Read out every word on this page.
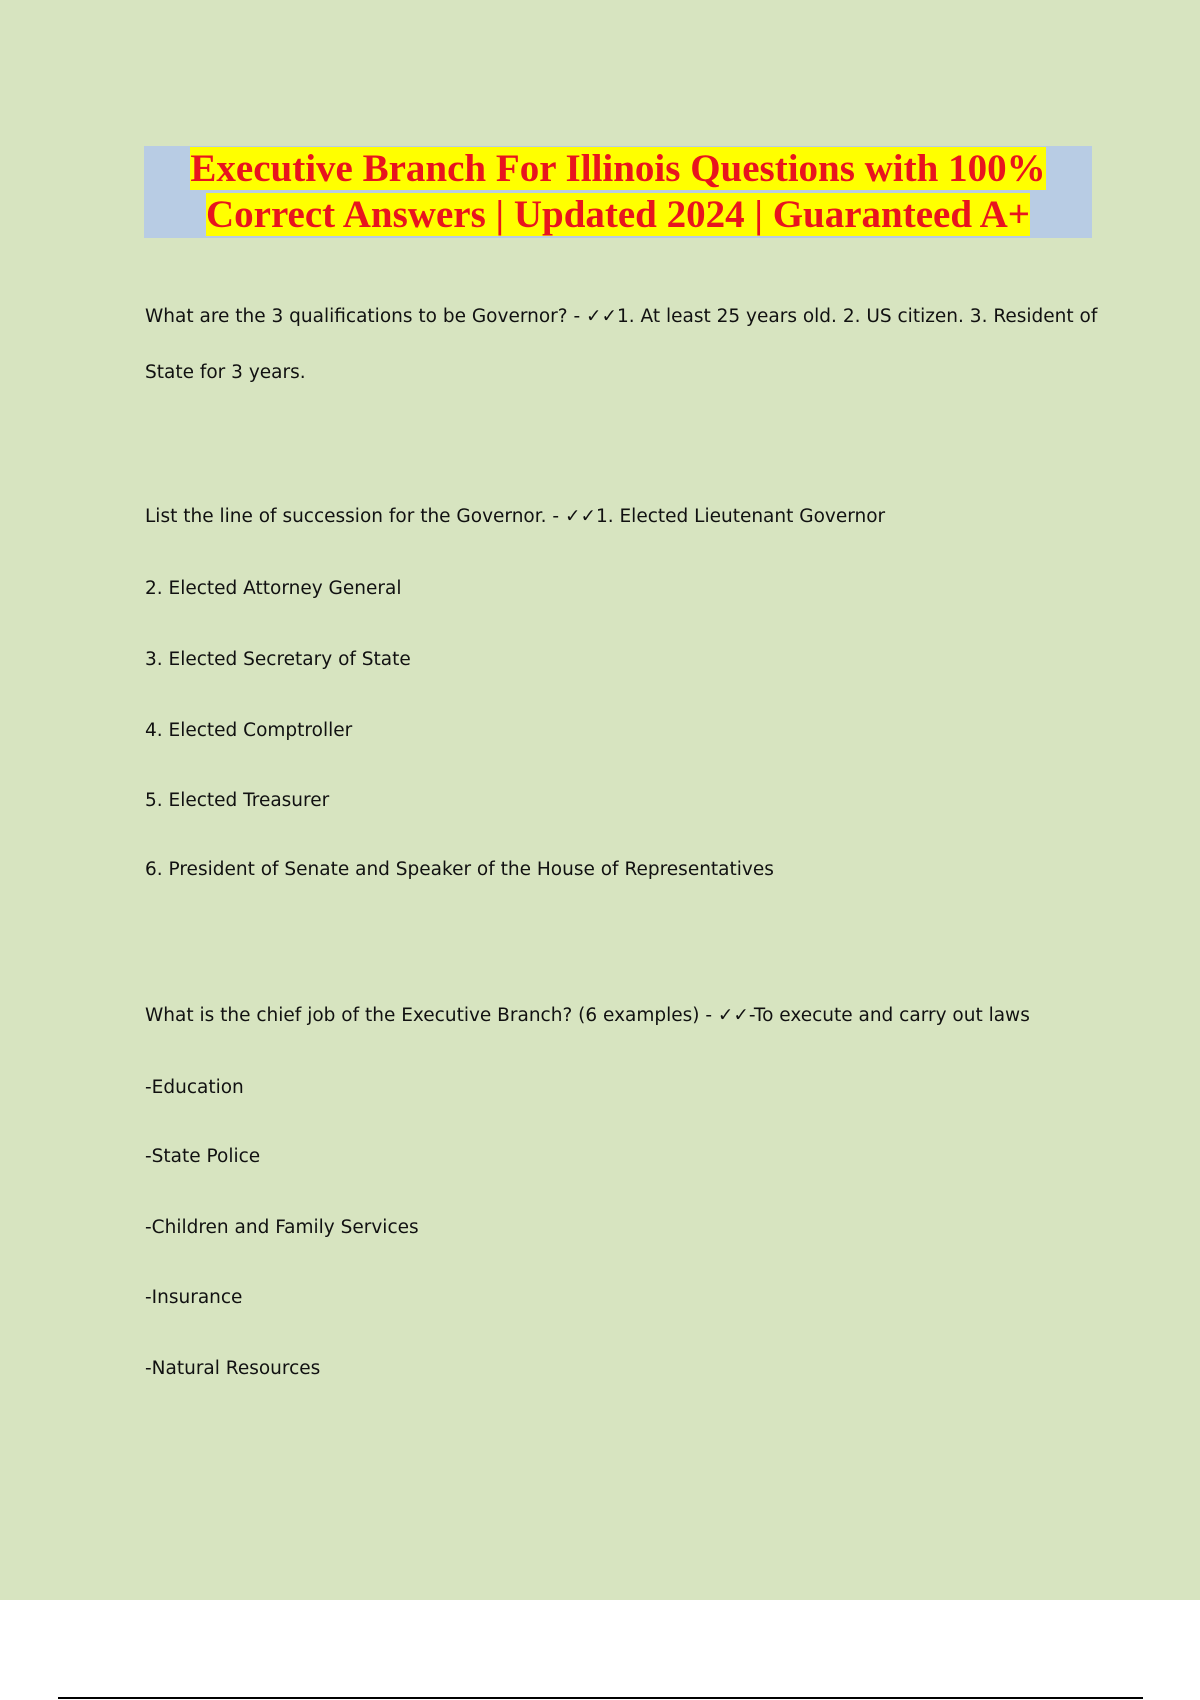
Executive Branch For Illinois Questions with 100%
Correct Answers | Updated 2024 | Guaranteed A+
What are the 3 qualifications to be Governor? - ✓✓1. At least 25 years old. 2. US citizen. 3. Resident of
State for 3 years.
List the line of succession for the Governor. - ✓✓1. Elected Lieutenant Governor
2. Elected Attorney General
3. Elected Secretary of State
4. Elected Comptroller
5. Elected Treasurer
6. President of Senate and Speaker of the House of Representatives
What is the chief job of the Executive Branch? (6 examples) - ✓✓-To execute and carry out laws
-Education
-State Police
-Children and Family Services
-Insurance
-Natural Resources
